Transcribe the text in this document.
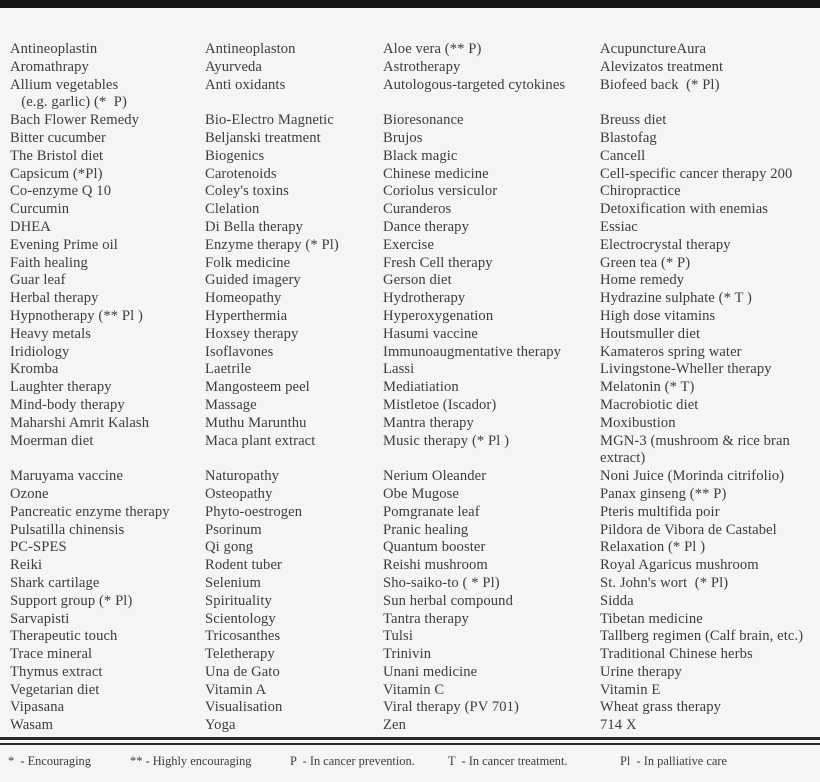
Antineoplastin	Antineoplaston	Aloe vera (** P)	AcupunctureAura
Aromathrapy	Ayurveda	Astrotherapy	Alevizatos treatment
Allium vegetables	Anti oxidants	Autologous-targeted cytokines	Biofeed back  (* Pl)
(e.g. garlic) (*  P)
Bach Flower Remedy	Bio-Electro Magnetic	Bioresonance	Breuss diet
Bitter cucumber	Beljanski treatment	Brujos	Blastofag
The Bristol diet	Biogenics	Black magic	Cancell
Capsicum (*Pl)	Carotenoids	Chinese medicine	Cell-specific cancer therapy 200
Co-enzyme Q 10	Coley's toxins	Coriolus versiculor	Chiropractice
Curcumin	Clelation	Curanderos	Detoxification with enemias
DHEA	Di Bella therapy	Dance therapy	Essiac
Evening Prime oil	Enzyme therapy (* Pl)	Exercise	Electrocrystal therapy
Faith healing	Folk medicine	Fresh Cell therapy	Green tea (* P)
Guar leaf	Guided imagery	Gerson diet	Home remedy
Herbal therapy	Homeopathy	Hydrotherapy	Hydrazine sulphate (* T )
Hypnotherapy (** Pl )	Hyperthermia	Hyperoxygenation	High dose vitamins
Heavy metals	Hoxsey therapy	Hasumi vaccine	Houtsmuller diet
Iridiology	Isoflavones	Immunoaugmentative therapy	Kamateros spring water
Kromba	Laetrile	Lassi	Livingstone-Wheller therapy
Laughter therapy	Mangosteem peel	Mediatiation	Melatonin (* T)
Mind-body therapy	Massage	Mistletoe (Iscador)	Macrobiotic diet
Maharshi Amrit Kalash	Muthu Marunthu	Mantra therapy	Moxibustion
Moerman diet	Maca plant extract	Music therapy (* Pl )	MGN-3 (mushroom & rice bran
extract)
Maruyama vaccine	Naturopathy	Nerium Oleander	Noni Juice (Morinda citrifolio)
Ozone	Osteopathy	Obe Mugose	Panax ginseng (** P)
Pancreatic enzyme therapy	Phyto-oestrogen	Pomgranate leaf	Pteris multifida poir
Pulsatilla chinensis	Psorinum	Pranic healing	Pildora de Vibora de Castabel
PC-SPES	Qi gong	Quantum booster	Relaxation (* Pl )
Reiki	Rodent tuber	Reishi mushroom	Royal Agaricus mushroom
Shark cartilage	Selenium	Sho-saiko-to ( * Pl)	St. John's wort  (* Pl)
Support group (* Pl)	Spirituality	Sun herbal compound	Sidda
Sarvapisti	Scientology	Tantra therapy	Tibetan medicine
Therapeutic touch	Tricosanthes	Tulsi	Tallberg regimen (Calf brain, etc.)
Trace mineral	Teletherapy	Trinivin	Traditional Chinese herbs
Thymus extract	Una de Gato	Unani medicine	Urine therapy
Vegetarian diet	Vitamin A	Vitamin C	Vitamin E
Vipasana	Visualisation	Viral therapy (PV 701)	Wheat grass therapy
Wasam	Yoga	Zen	714 X
*  - Encouraging	** - Highly encouraging	P  - In cancer prevention.	T  - In cancer treatment.	Pl  - In palliative care
